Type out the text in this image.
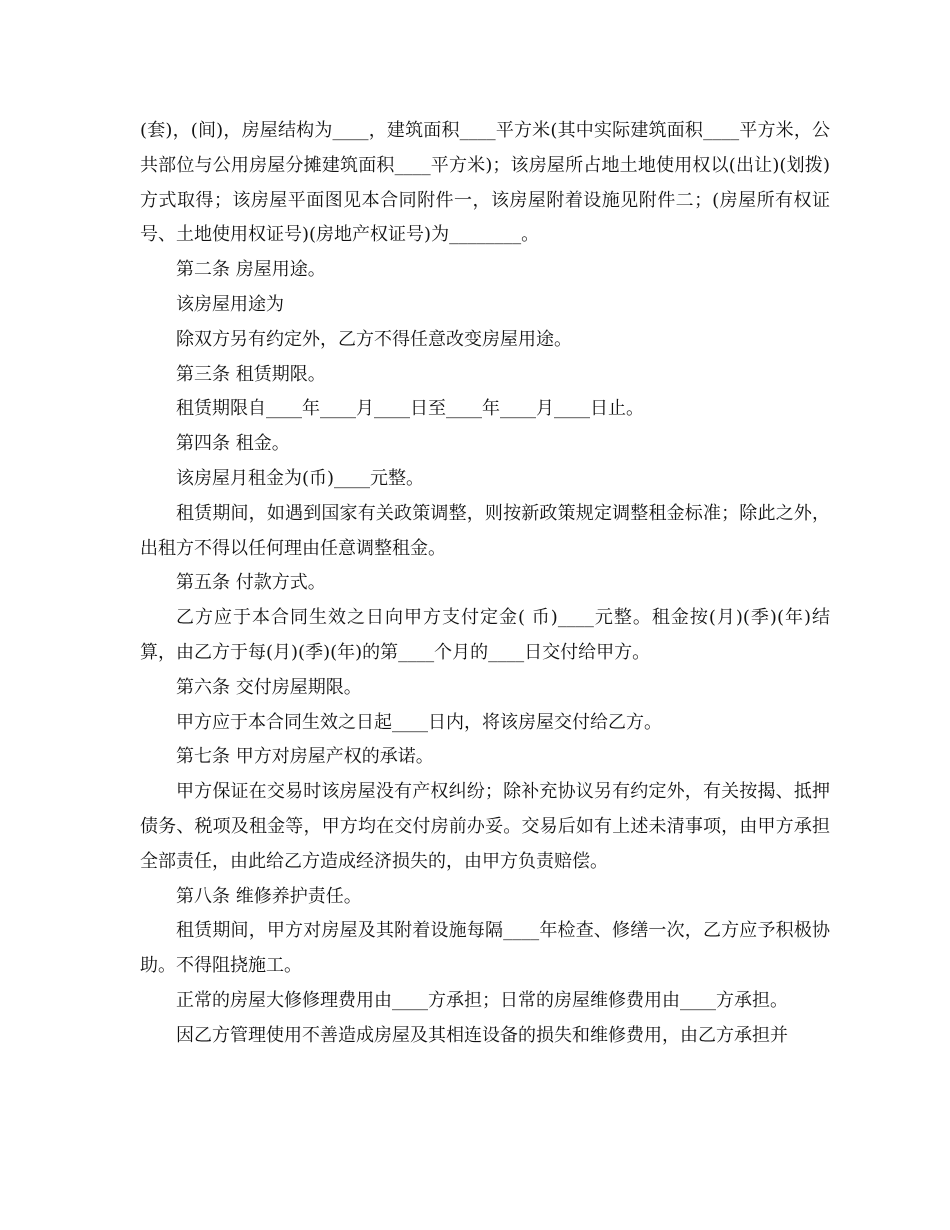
(套)，(间)，房屋结构为____，建筑面积____平方米(其中实际建筑面积____平方米，公共部位与公用房屋分摊建筑面积____平方米)；该房屋所占地土地使用权以(出让)(划拨)方式取得；该房屋平面图见本合同附件一，该房屋附着设施见附件二；(房屋所有权证号、土地使用权证号)(房地产权证号)为________。

第二条 房屋用途。

该房屋用途为

除双方另有约定外，乙方不得任意改变房屋用途。

第三条 租赁期限。

租赁期限自____年____月____日至____年____月____日止。

第四条 租金。

该房屋月租金为(币)____元整。

租赁期间，如遇到国家有关政策调整，则按新政策规定调整租金标准；除此之外，出租方不得以任何理由任意调整租金。

第五条 付款方式。

乙方应于本合同生效之日向甲方支付定金( 币)____元整。租金按(月)(季)(年)结算，由乙方于每(月)(季)(年)的第____个月的____日交付给甲方。

第六条 交付房屋期限。

甲方应于本合同生效之日起____日内，将该房屋交付给乙方。

第七条 甲方对房屋产权的承诺。

甲方保证在交易时该房屋没有产权纠纷；除补充协议另有约定外，有关按揭、抵押债务、税项及租金等，甲方均在交付房前办妥。交易后如有上述未清事项，由甲方承担全部责任，由此给乙方造成经济损失的，由甲方负责赔偿。

第八条 维修养护责任。

租赁期间，甲方对房屋及其附着设施每隔____年检查、修缮一次，乙方应予积极协助。不得阻挠施工。

正常的房屋大修修理费用由____方承担；日常的房屋维修费用由____方承担。

因乙方管理使用不善造成房屋及其相连设备的损失和维修费用，由乙方承担并
